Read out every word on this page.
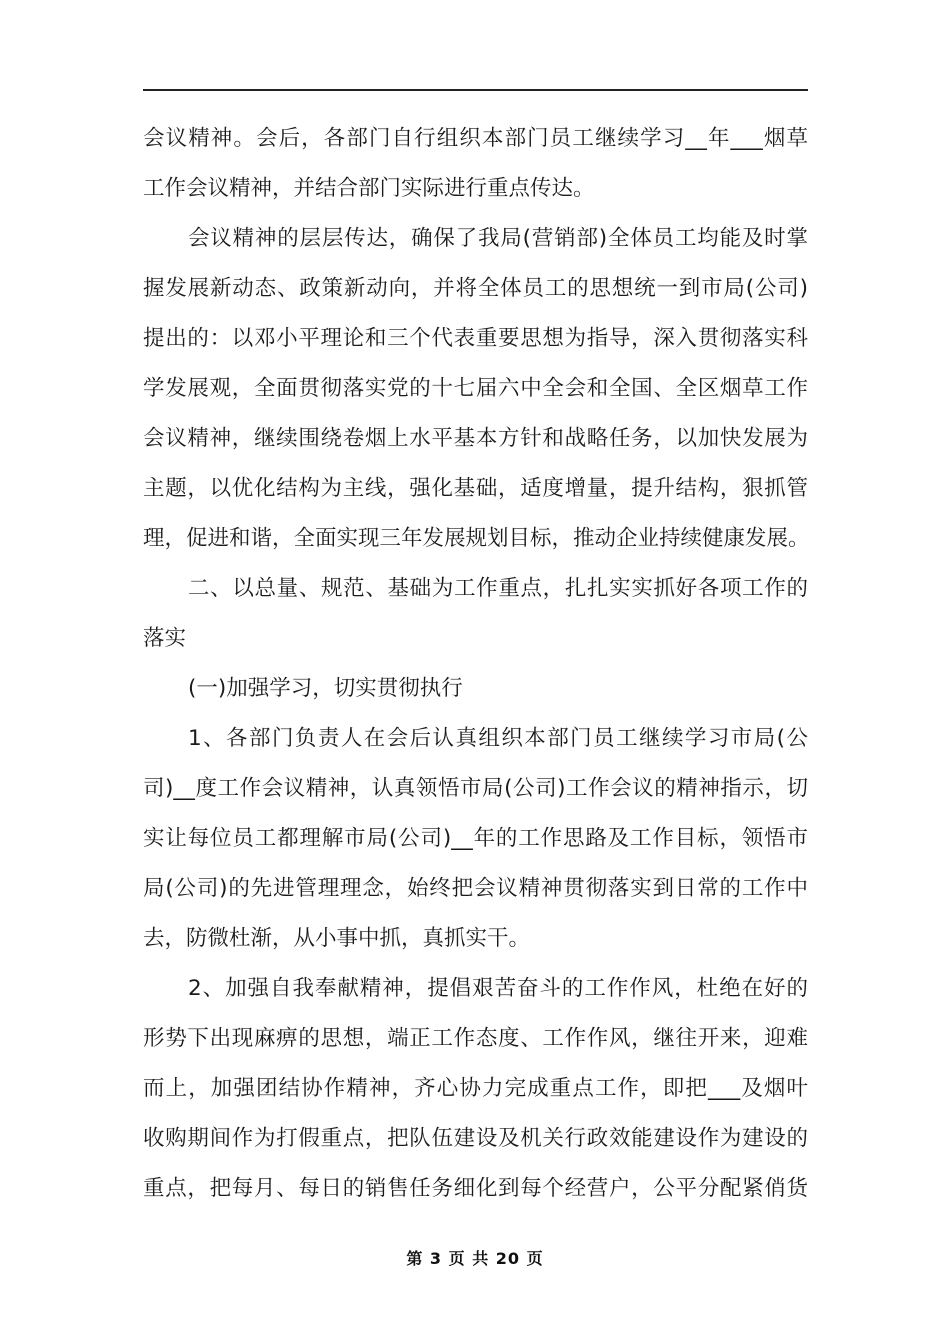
会议精神。会后，各部门自行组织本部门员工继续学习__年___烟草
工作会议精神，并结合部门实际进行重点传达。
会议精神的层层传达，确保了我局(营销部)全体员工均能及时掌
握发展新动态、政策新动向，并将全体员工的思想统一到市局(公司)
提出的：以邓小平理论和三个代表重要思想为指导，深入贯彻落实科
学发展观，全面贯彻落实党的十七届六中全会和全国、全区烟草工作
会议精神，继续围绕卷烟上水平基本方针和战略任务，以加快发展为
主题，以优化结构为主线，强化基础，适度增量，提升结构，狠抓管
理，促进和谐，全面实现三年发展规划目标，推动企业持续健康发展。
二、以总量、规范、基础为工作重点，扎扎实实抓好各项工作的
落实
(一)加强学习，切实贯彻执行
1、各部门负责人在会后认真组织本部门员工继续学习市局(公
司)__度工作会议精神，认真领悟市局(公司)工作会议的精神指示，切
实让每位员工都理解市局(公司)__年的工作思路及工作目标，领悟市
局(公司)的先进管理理念，始终把会议精神贯彻落实到日常的工作中
去，防微杜渐，从小事中抓，真抓实干。
2、加强自我奉献精神，提倡艰苦奋斗的工作作风，杜绝在好的
形势下出现麻痹的思想，端正工作态度、工作作风，继往开来，迎难
而上，加强团结协作精神，齐心协力完成重点工作，即把___及烟叶
收购期间作为打假重点，把队伍建设及机关行政效能建设作为建设的
重点，把每月、每日的销售任务细化到每个经营户，公平分配紧俏货
第 3 页 共 20 页
